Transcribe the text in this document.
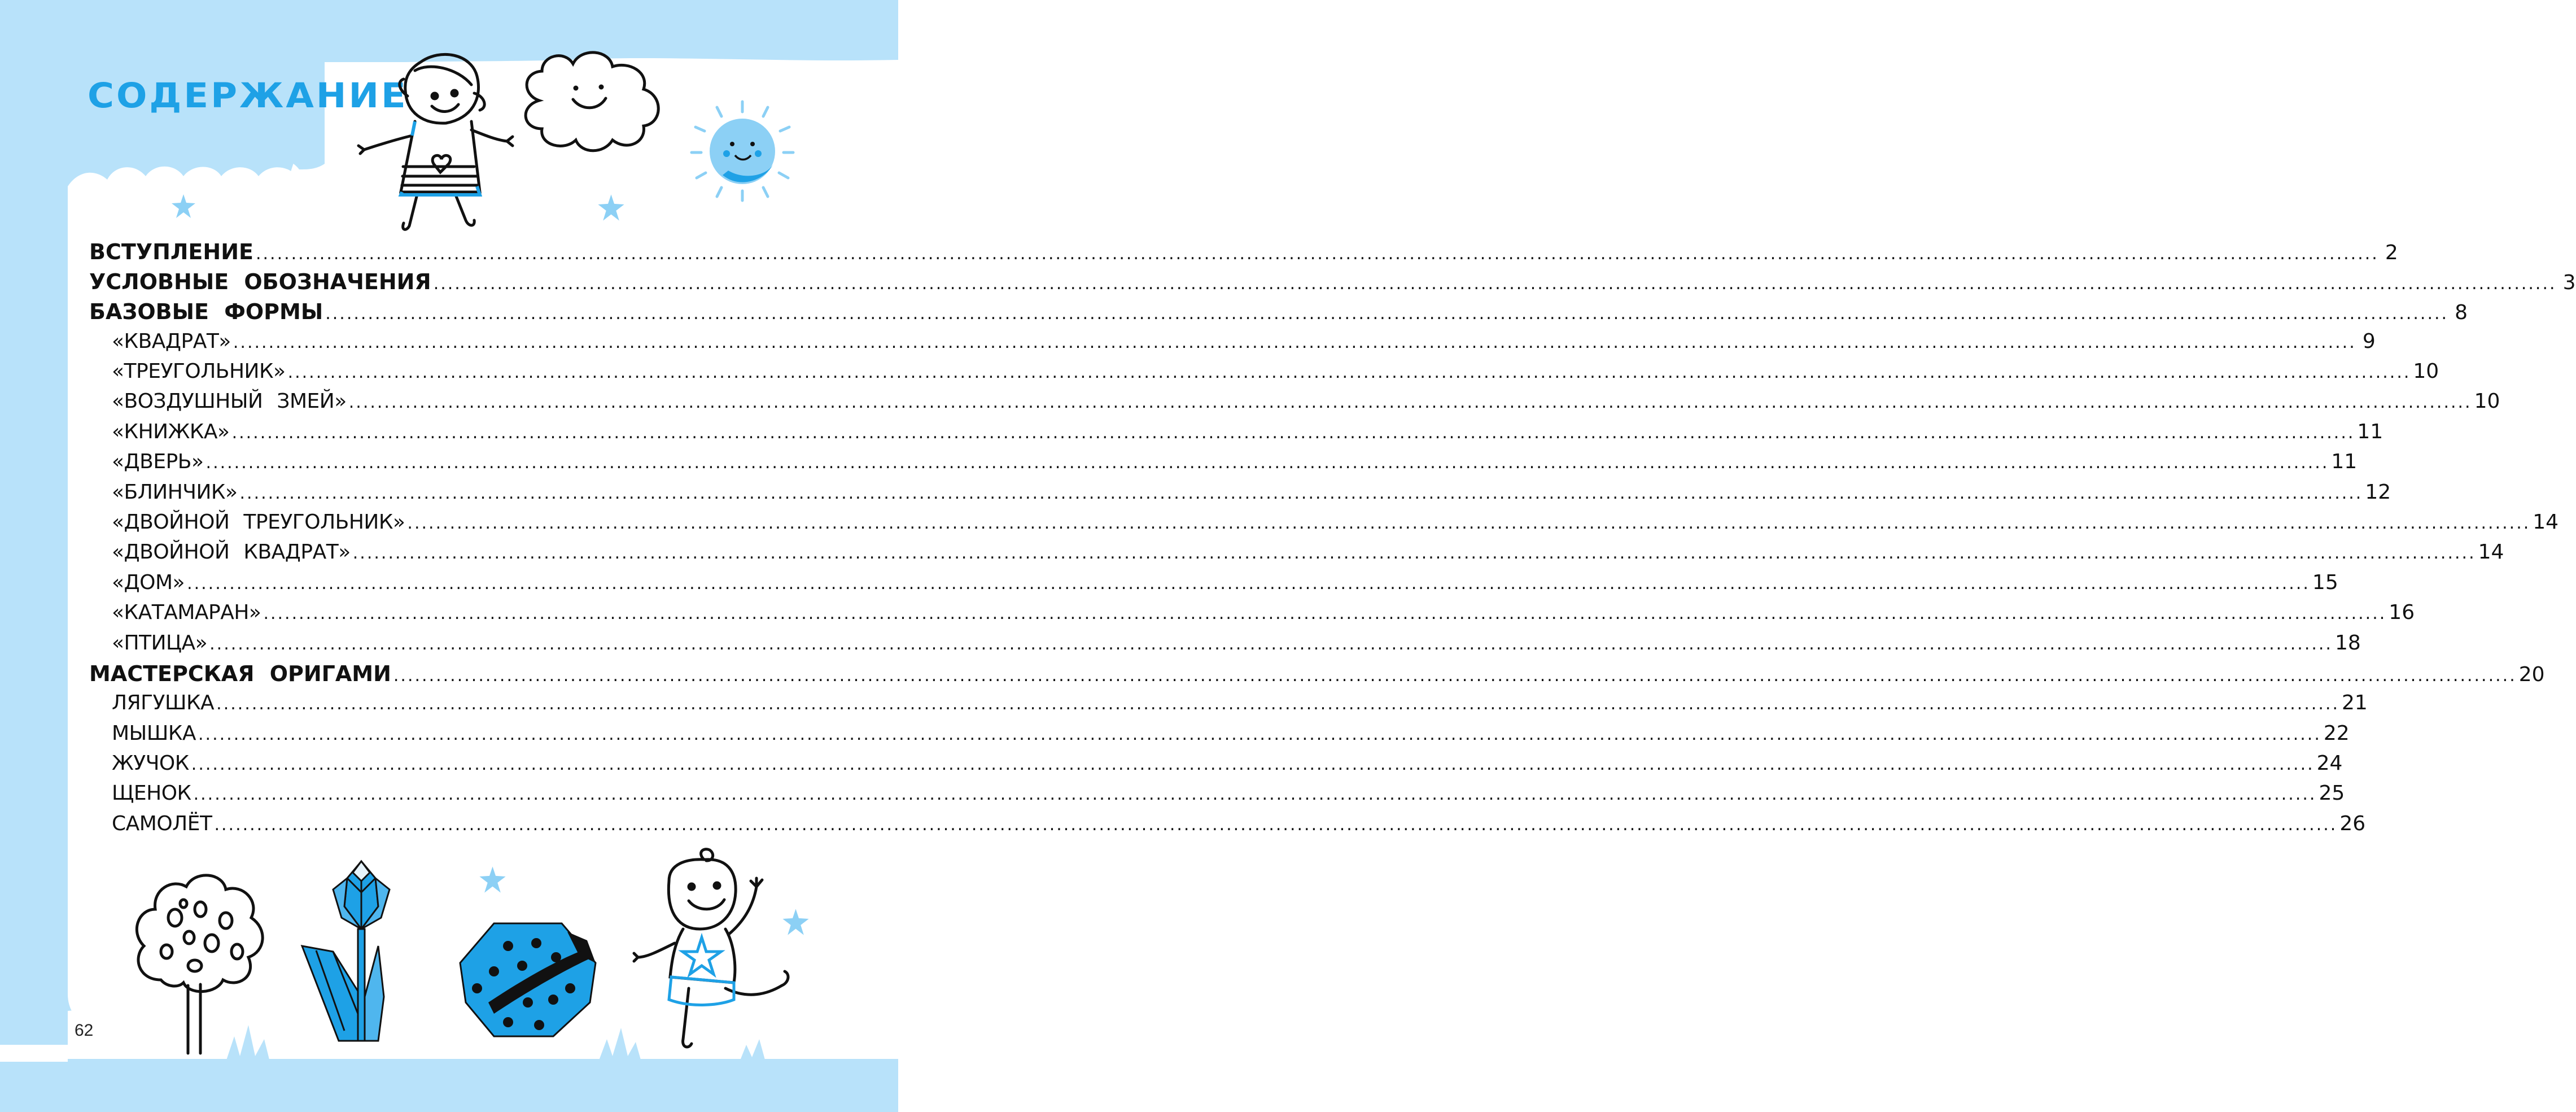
СОДЕРЖАНИЕ
ВСТУПЛЕНИЕ ............................................................................................................................................................................................................................................................................................................ 2
УСЛОВНЫЕ ОБОЗНАЧЕНИЯ ............................................................................................................................................................................................................................................................................................................ 3
БАЗОВЫЕ ФОРМЫ ............................................................................................................................................................................................................................................................................................................ 8
«КВАДРАТ» ............................................................................................................................................................................................................................................................................................................ 9
«ТРЕУГОЛЬНИК» ............................................................................................................................................................................................................................................................................................................ 10
«ВОЗДУШНЫЙ ЗМЕЙ» ............................................................................................................................................................................................................................................................................................................ 10
«КНИЖКА» ............................................................................................................................................................................................................................................................................................................ 11
«ДВЕРЬ» ............................................................................................................................................................................................................................................................................................................ 11
«БЛИНЧИК» ............................................................................................................................................................................................................................................................................................................ 12
«ДВОЙНОЙ ТРЕУГОЛЬНИК» ............................................................................................................................................................................................................................................................................................................ 14
«ДВОЙНОЙ КВАДРАТ» ............................................................................................................................................................................................................................................................................................................ 14
«ДОМ» ............................................................................................................................................................................................................................................................................................................ 15
«КАТАМАРАН» ............................................................................................................................................................................................................................................................................................................ 16
«ПТИЦА» ............................................................................................................................................................................................................................................................................................................ 18
МАСТЕРСКАЯ ОРИГАМИ ............................................................................................................................................................................................................................................................................................................ 20
ЛЯГУШКА ............................................................................................................................................................................................................................................................................................................ 21
МЫШКА ............................................................................................................................................................................................................................................................................................................ 22
ЖУЧОК ............................................................................................................................................................................................................................................................................................................ 24
ЩЕНОК ............................................................................................................................................................................................................................................................................................................ 25
САМОЛЁТ ............................................................................................................................................................................................................................................................................................................ 26
62
